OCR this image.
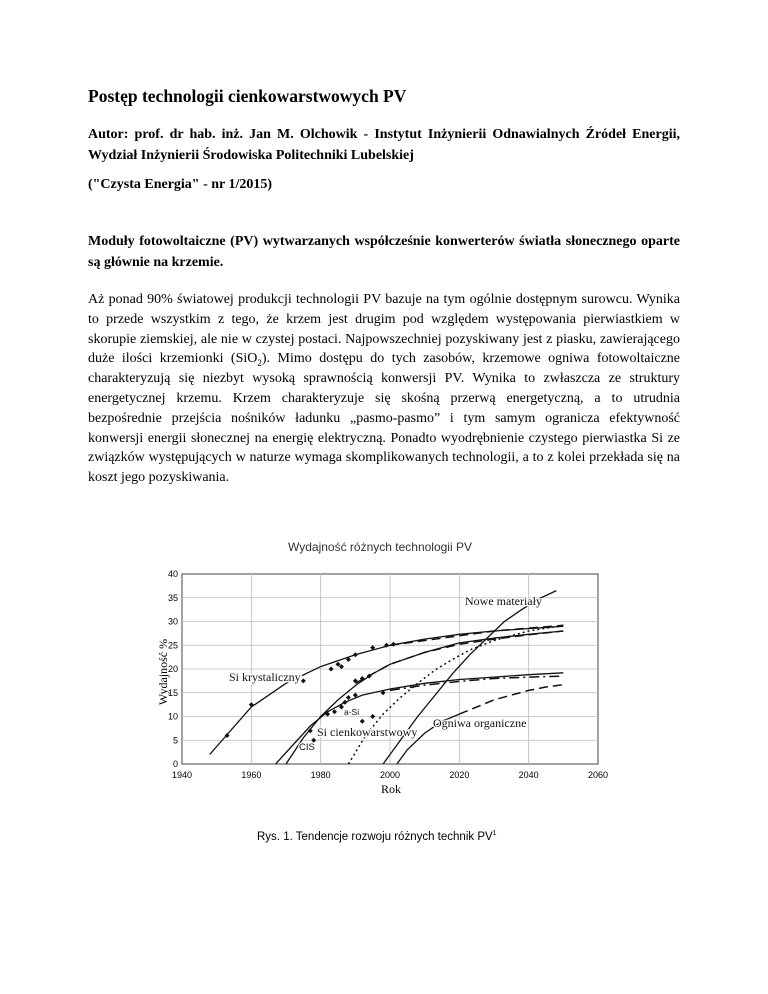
Postęp technologii cienkowarstwowych PV
Autor: prof. dr hab. inż. Jan M. Olchowik - Instytut Inżynierii Odnawialnych Źródeł Energii, Wydział Inżynierii Środowiska Politechniki Lubelskiej
("Czysta Energia" - nr 1/2015)
Moduły fotowoltaiczne (PV) wytwarzanych współcześnie konwerterów światła słonecznego oparte są głównie na krzemie.
Aż ponad 90% światowej produkcji technologii PV bazuje na tym ogólnie dostępnym surowcu. Wynika to przede wszystkim z tego, że krzem jest drugim pod względem występowania pierwiastkiem w skorupie ziemskiej, ale nie w czystej postaci. Najpowszechniej pozyskiwany jest z piasku, zawierającego duże ilości krzemionki (SiO$_2$). Mimo dostępu do tych zasobów, krzemowe ogniwa fotowoltaiczne charakteryzują się niezbyt wysoką sprawnością konwersji PV. Wynika to zwłaszcza ze struktury energetycznej krzemu. Krzem charakteryzuje się skośną przerwą energetyczną, a to utrudnia bezpośrednie przejścia nośników ładunku „pasmo-pasmo” i tym samym ogranicza efektywność konwersji energii słonecznej na energię elektryczną. Ponadto wyodrębnienie czystego pierwiastka Si ze związków występujących w naturze wymaga skomplikowanych technologii, a to z kolei przekłada się na koszt jego pozyskiwania.
Wydajność różnych technologii PV
0
5
10
15
20
25
30
35
40
1940	1960	1980	2000	2020	2040	2060
Rok
Wydajność %
Nowe materiały
Si krystaliczny
CIS
a-Si
Si cienkowarstwowy
Ogniwa organiczne
Rys. 1. Tendencje rozwoju różnych technik $PV^1$
